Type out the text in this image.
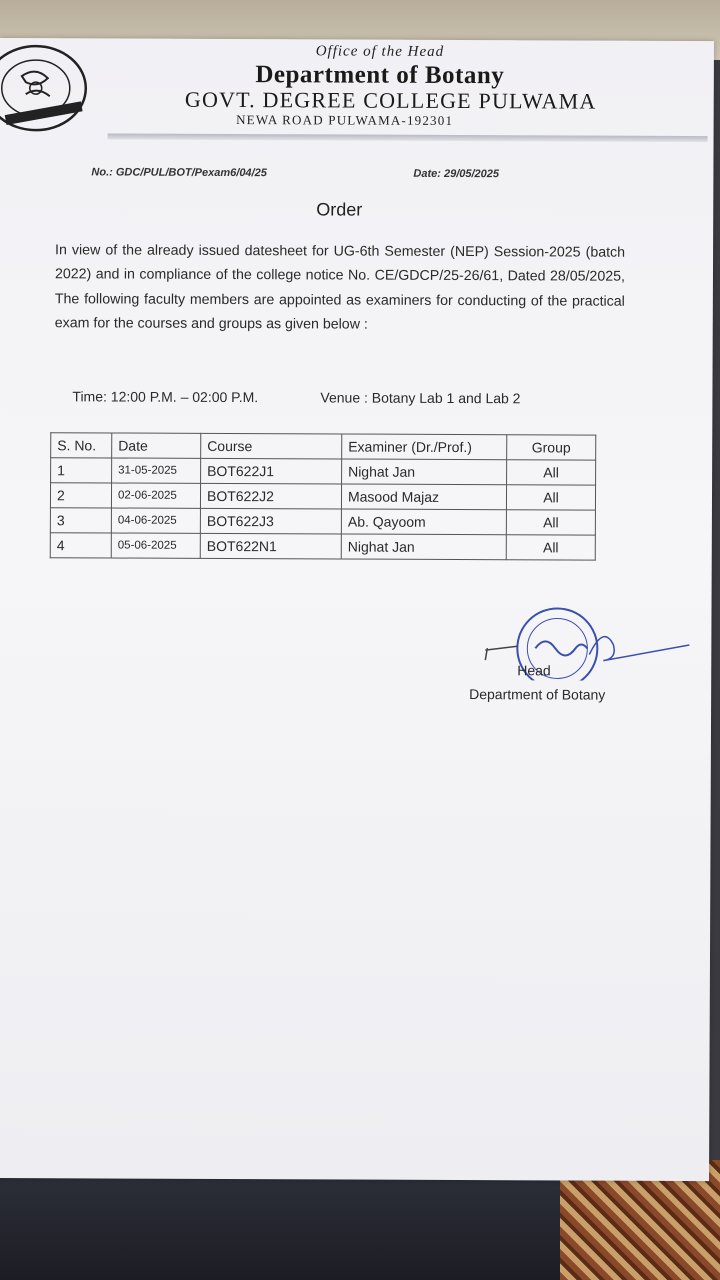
Office of the Head
Department of Botany
GOVT. DEGREE COLLEGE PULWAMA
NEWA ROAD PULWAMA-192301
No.: GDC/PUL/BOT/Pexam6/04/25	Date: 29/05/2025
Order
In view of the already issued datesheet for UG-6th Semester (NEP) Session-2025 (batch 2022) and in compliance of the college notice No. CE/GDCP/25-26/61, Dated 28/05/2025, The following faculty members are appointed as examiners for conducting of the practical exam for the courses and groups as given below :
Time: 12:00 P.M. – 02:00 P.M.	Venue : Botany Lab 1 and Lab 2
S. No.	Date	Course	Examiner (Dr./Prof.)	Group
1	31-05-2025	BOT622J1	Nighat Jan	All
2	02-06-2025	BOT622J2	Masood Majaz	All
3	04-06-2025	BOT622J3	Ab. Qayoom	All
4	05-06-2025	BOT622N1	Nighat Jan	All
Head
Department of Botany
